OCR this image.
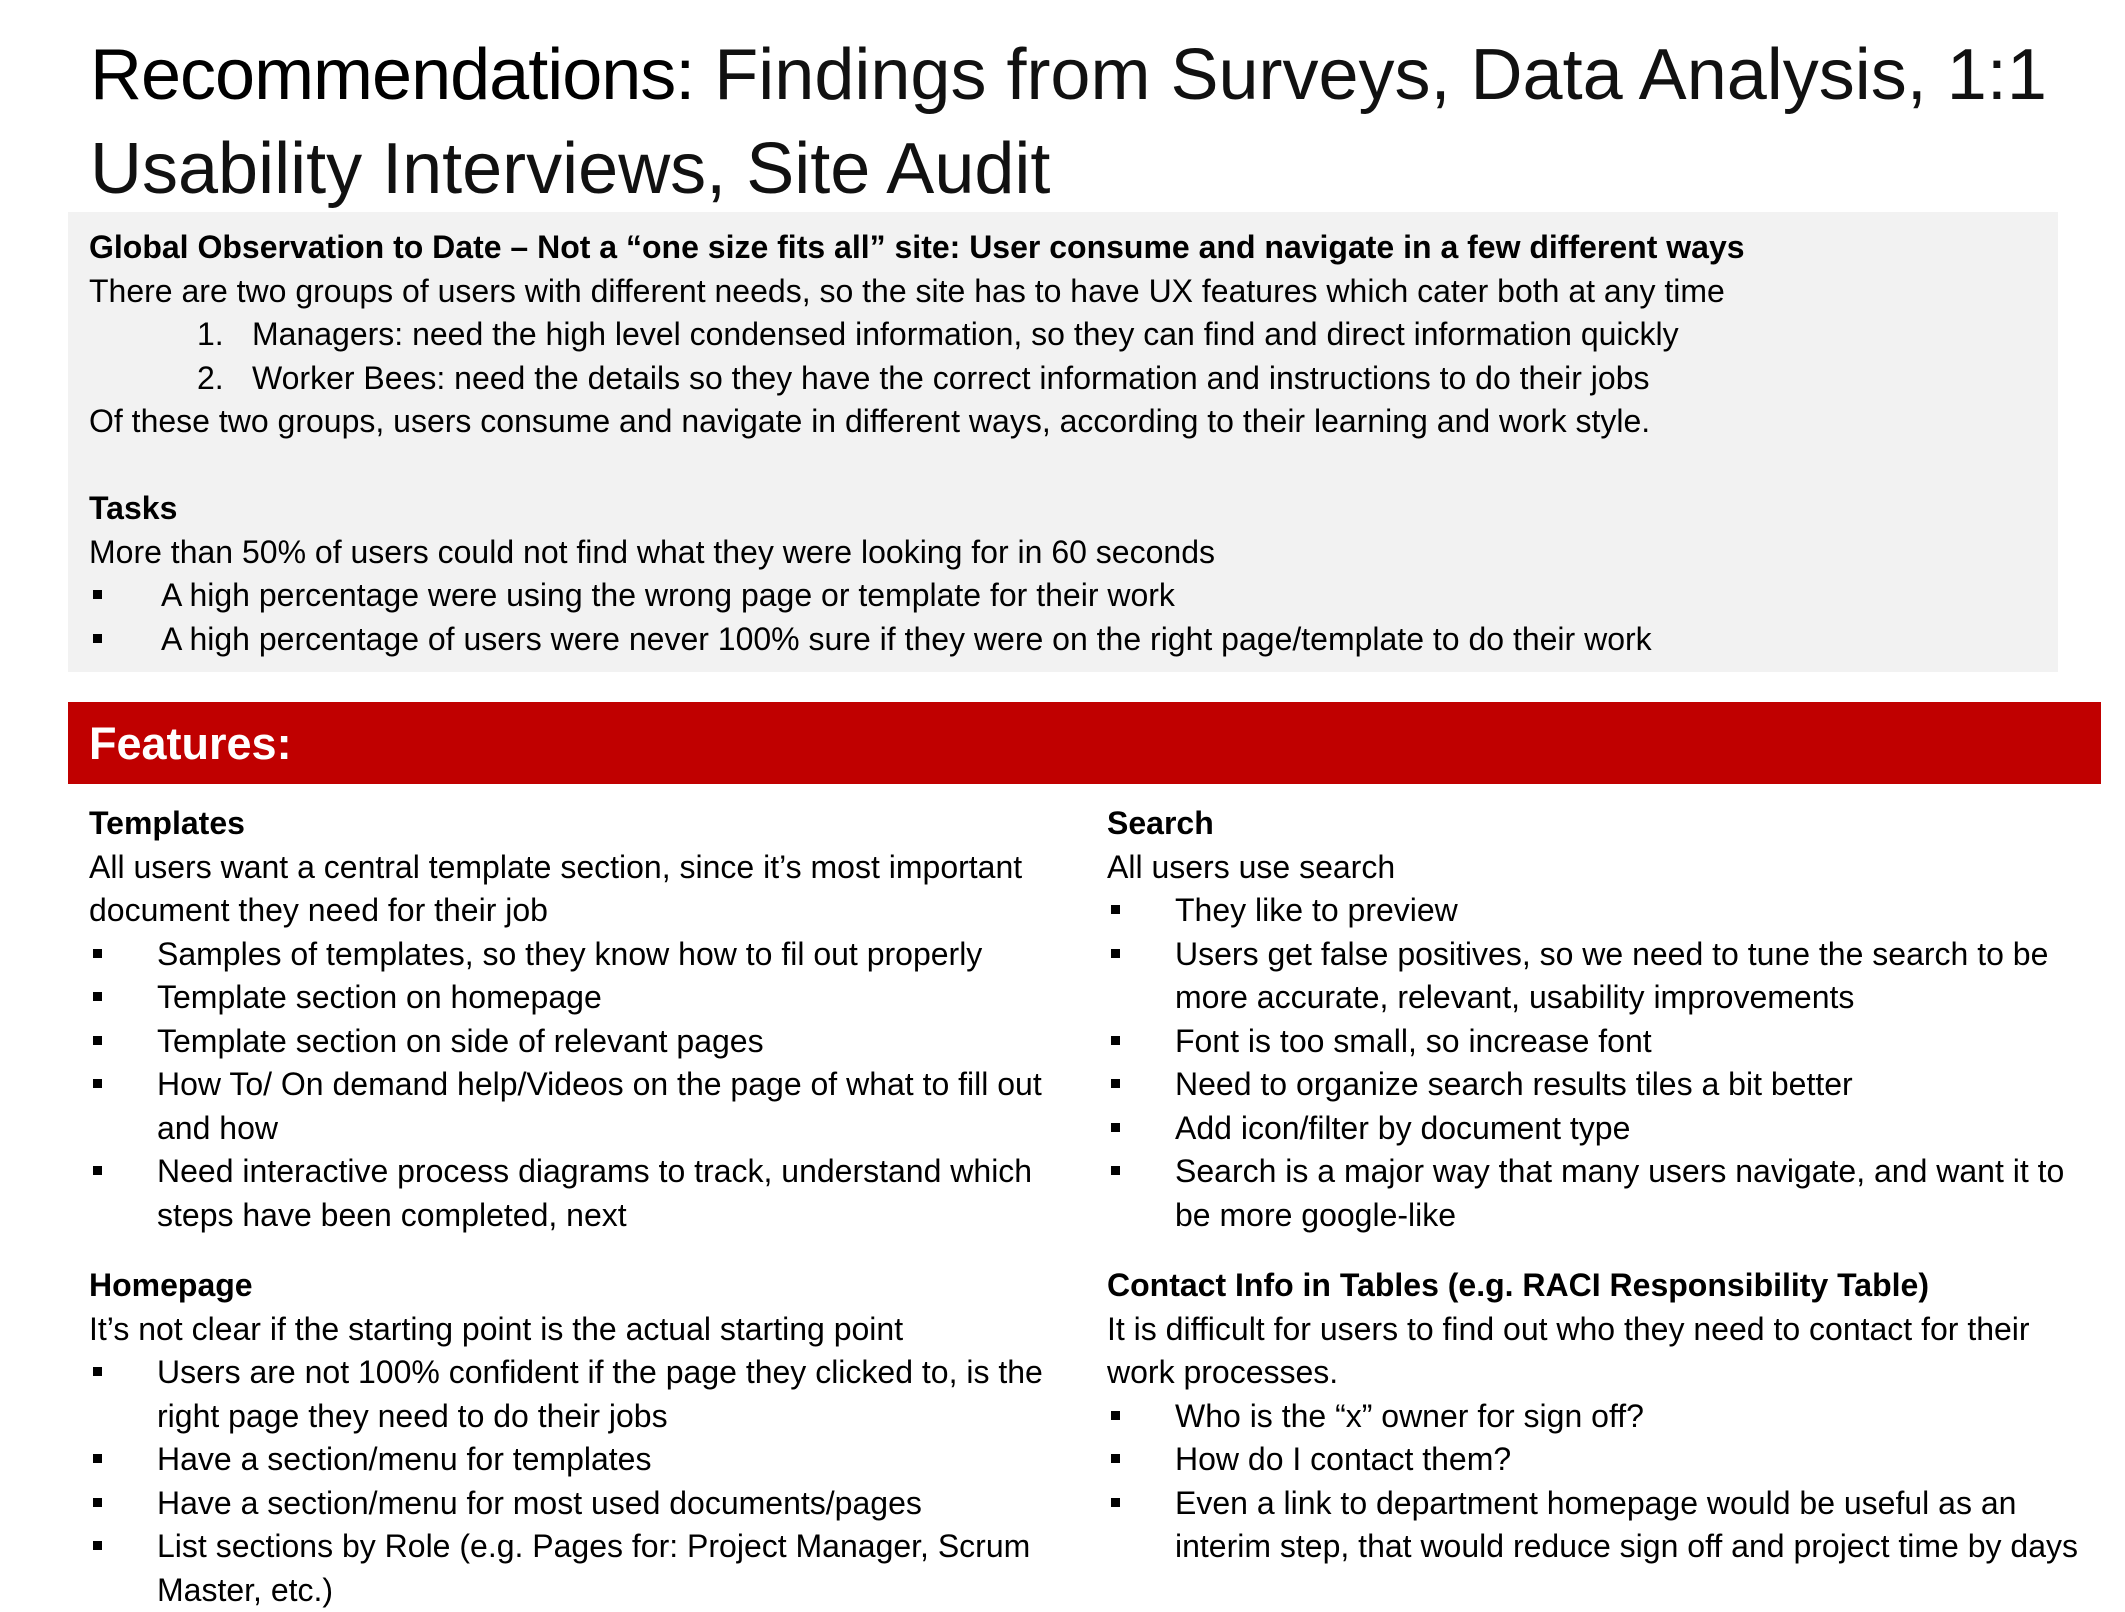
Recommendations: Findings from Surveys, Data Analysis, 1:1 Usability Interviews, Site Audit
Global Observation to Date – Not a “one size fits all” site: User consume and navigate in a few different ways
There are two groups of users with different needs, so the site has to have UX features which cater both at any time
1. Managers: need the high level condensed information, so they can find and direct information quickly
2. Worker Bees: need the details so they have the correct information and instructions to do their jobs
Of these two groups, users consume and navigate in different ways, according to their learning and work style.
Tasks
More than 50% of users could not find what they were looking for in 60 seconds
A high percentage were using the wrong page or template for their work
A high percentage of users were never 100% sure if they were on the right page/template to do their work
Features:
Templates
All users want a central template section, since it’s most important document they need for their job
Samples of templates, so they know how to fil out properly
Template section on homepage
Template section on side of relevant pages
How To/ On demand help/Videos on the page of what to fill out and how
Need interactive process diagrams to track, understand which steps have been completed, next
Homepage
It’s not clear if the starting point is the actual starting point
Users are not 100% confident if the page they clicked to, is the right page they need to do their jobs
Have a section/menu for templates
Have a section/menu for most used documents/pages
List sections by Role (e.g. Pages for: Project Manager, Scrum Master, etc.)
Search
All users use search
They like to preview
Users get false positives, so we need to tune the search to be more accurate, relevant, usability improvements
Font is too small, so increase font
Need to organize search results tiles a bit better
Add icon/filter by document type
Search is a major way that many users navigate, and want it to be more google-like
Contact Info in Tables (e.g. RACI Responsibility Table)
It is difficult for users to find out who they need to contact for their work processes.
Who is the “x” owner for sign off?
How do I contact them?
Even a link to department homepage would be useful as an interim step, that would reduce sign off and project time by days
